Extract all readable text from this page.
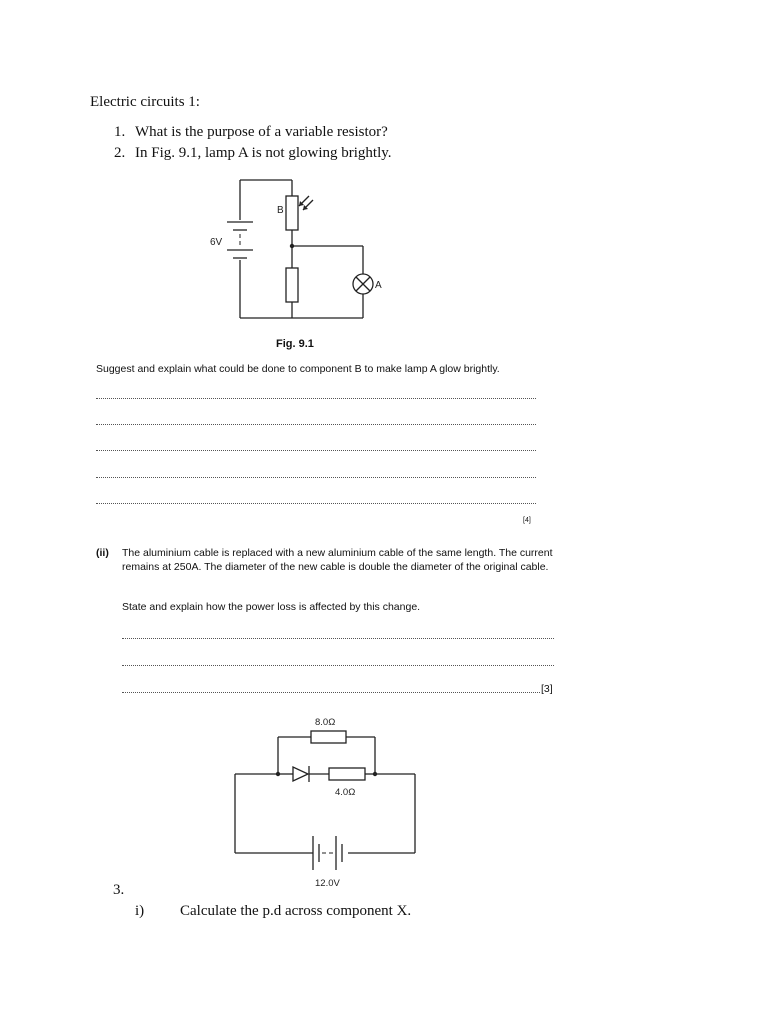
Electric circuits 1:
1. What is the purpose of a variable resistor?
2. In Fig. 9.1, lamp A is not glowing brightly.
B
6V
A
Fig. 9.1
Suggest and explain what could be done to component B to make lamp A glow brightly.
[4]
(ii) The aluminium cable is replaced with a new aluminium cable of the same length. The current remains at 250A. The diameter of the new cable is double the diameter of the original cable.
State and explain how the power loss is affected by this change.
[3]
8.0Ω
4.0Ω
12.0V
3.
i) Calculate the p.d across component X.
